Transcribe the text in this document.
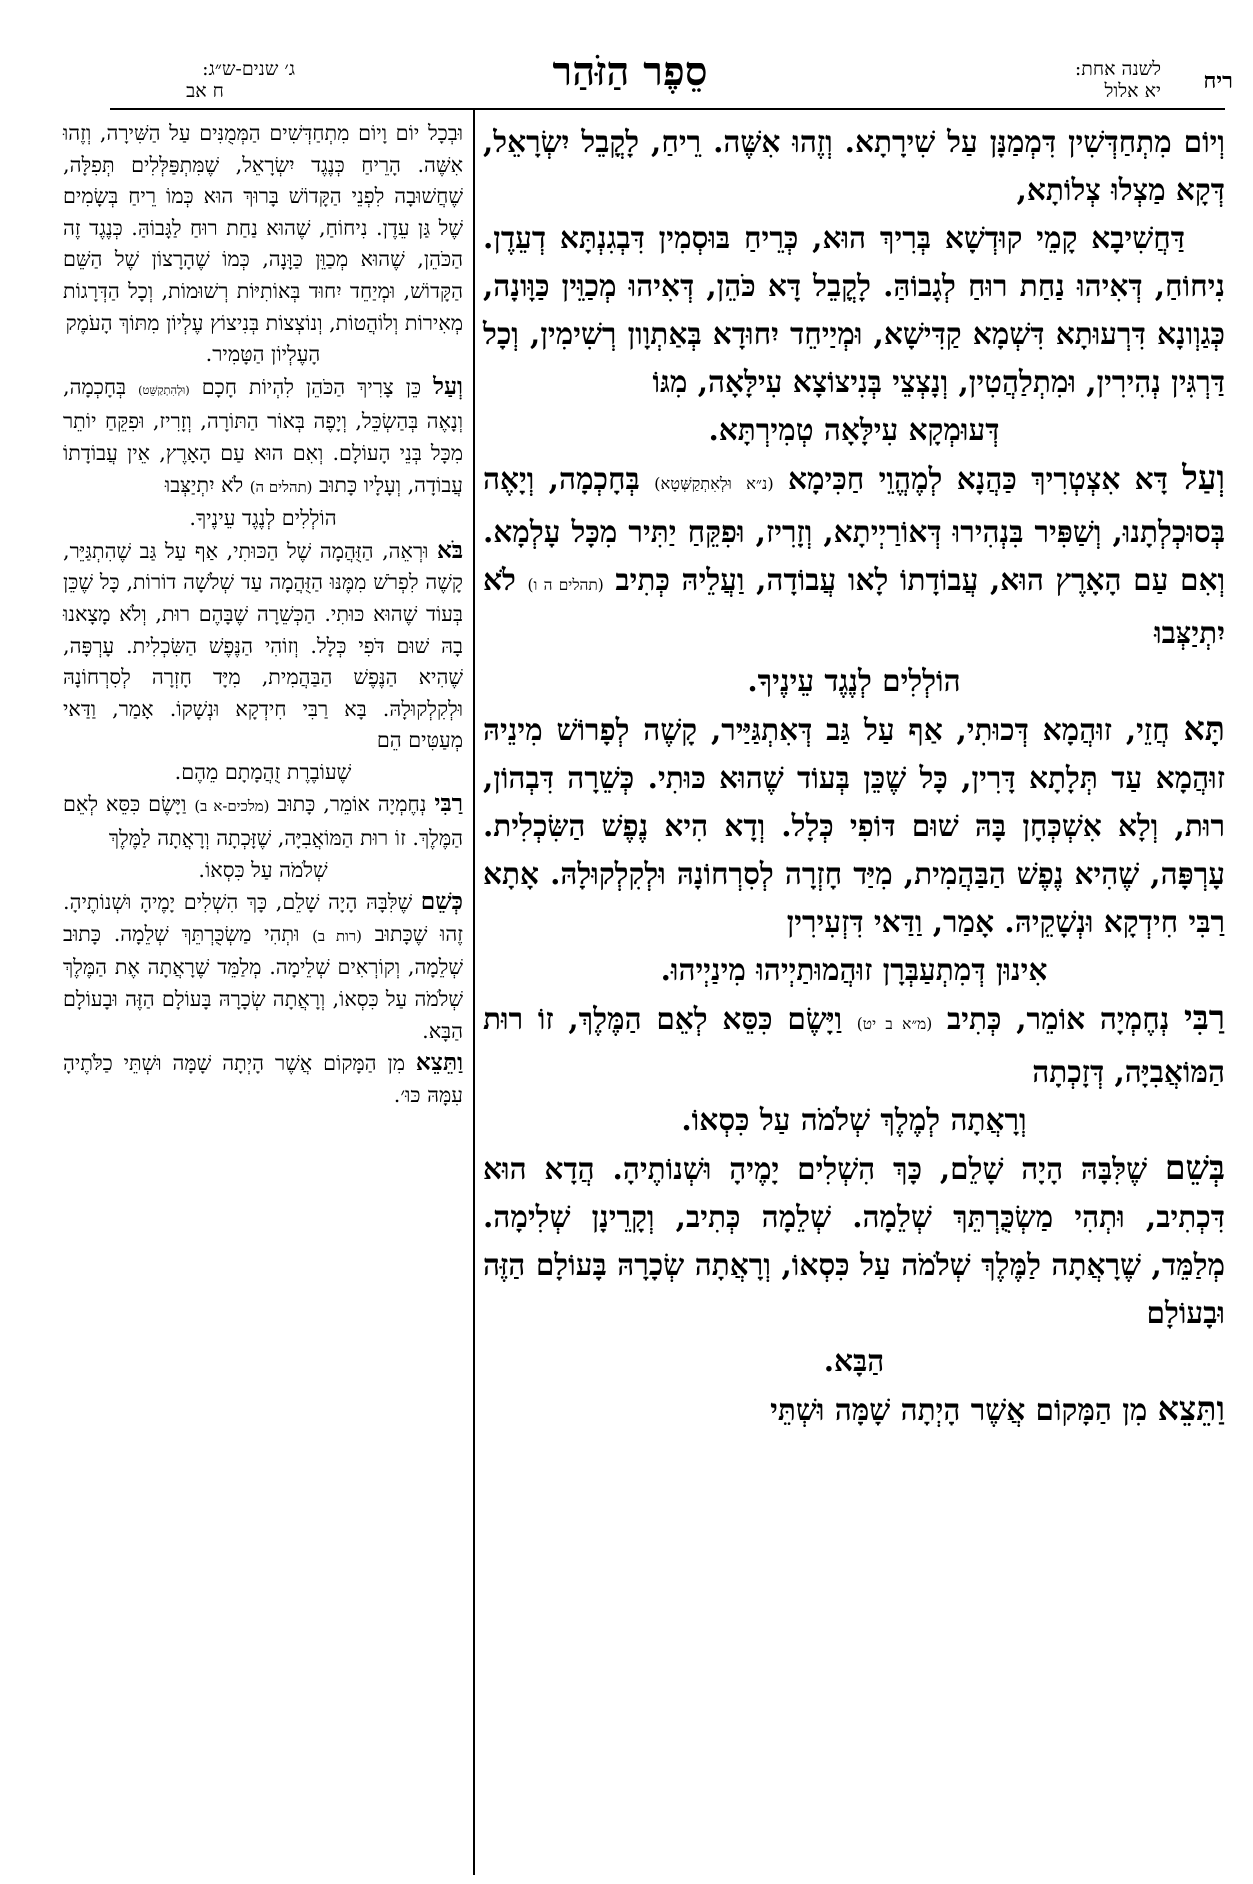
ריח
לשנה אחת:
יא אלול
סֵפֶר הַזֹּהַר
ג׳ שנים-ש״ג:
ח אב

וְיוֹם מִתְחַדְּשִׁין דִּמְמַנָּן עַל שִׁירָתָא. וְזֶהוּ אִשֶּׁה. רֵיחַ, לָקֳבֵל יִשְׂרָאֵל, דְּקָא מַצְלוּ צְלוֹתָא,

דַּחֲשִׁיבָא קָמֵי קוּדְשָׁא בְּרִיךְ הוּא, כְּרֵיחַ בּוּסְמִין דִּבְגִנְתָּא דְעֵדֶן. נִיחוֹחַ, דְּאִיהוּ נַחַת רוּחַ לְגָבוֹהַּ. לָקֳבֵל דָּא כֹּהֵן, דְּאִיהוּ מְכַוֵּין כַּוָּונָה, כְּגַוְונָא דִּרְעוּתָא דִּשְׁמָא קַדִּישָׁא, וּמְיַיחֵד יִחוּדָא בְּאַתְוָון רְשִׁימִין, וְכָל דַּרְגִּין נְהִירִין, וּמִתְלַהֲטִין, וְנָצְצֵי בְּנִיצוֹצָא עִילָּאָה, מִגּוֹ

דְּעוּמְקָא עִילָּאָה טְמִירְתָּא.

וְעַל דָּא אִצְטְרִיךְ כַּהֲנָא לְמֶהֱוֵי חַכִּימָא (נ״א וּלְאִתְקַשְּׁטָא) בְּחָכְמָה, וְיָאֶה בְּסוּכְלְתָנוּ, וְשַׁפִּיר בִּנְהִירוּ דְּאוֹרַיְיתָא, וְזָרִיז, וּפִקֵּחַ יַתִּיר מִכָּל עָלְמָא. וְאִם עַם הָאָרֶץ הוּא, עֲבוֹדָתוֹ לָאו עֲבוֹדָה, וַעֲלֵיהּ כְּתִיב (תהלים ה ו) לֹא יִתְיַצְּבוּ

הוֹלְלִים לְנֶגֶד עֵינֶיךָ.

תָּא חֲזֵי, זוּהֲמָא דְּכוּתִי, אַף עַל גַּב דְּאִתְגַּיַּיר, קָשֶׁה לְפָרוֹשׁ מִינֵיהּ זוּהֲמָא עַד תְּלָתָא דָּרִין, כָּל שֶׁכֵּן בְּעוֹד שֶׁהוּא כּוּתִי. כְּשֵׁרָה דִּבְהוֹן, רוּת, וְלָא אִשְׁכְּחָן בָּהּ שׁוּם דּוֹפִי כְּלָל. וְדָא הִיא נֶפֶשׁ הַשִּׂכְלִית. עָרְפָּה, שֶׁהִיא נֶפֶשׁ הַבַּהֲמִית, מִיַּד חָזְרָה לְסִרְחוֹנָהּ וּלְקִלְקוּלָהּ. אָתָא רַבִּי חִידְקָא וּנְשָׁקֵיהּ. אָמַר, וַדַּאי דִּזְעִירִין

אִינוּן דְּמִתְעַבְּרָן זוּהֲמוּתַיְיהוּ מִינַיְיהוּ.

רַבִּי נְחֶמְיָה אוֹמֵר, כְּתִיב (מ״א ב יט) וַיָּשֶׂם כִּסֵּא לְאֵם הַמֶּלֶךְ, זוֹ רוּת הַמּוֹאֲבִיָּה, דְּזָכְתָה

וְרָאֲתָה לְמֶלֶךְ שְׁלֹמֹה עַל כִּסְאוֹ.

בְּשֵׁם שֶׁלִּבָּהּ הָיָה שָׁלֵם, כָּךְ הִשְׁלִים יָמֶיהָ וּשְׁנוֹתֶיהָ. הֲדָא הוּא דִּכְתִיב, וּתְהִי מַשְׂכֻּרְתֵּךְ שְׁלֵמָה. שְׁלֵמָה כְּתִיב, וְקָרֵינָן שְׁלִימָה. מְלַמֵּד, שֶׁרָאֲתָה לַמֶּלֶךְ שְׁלֹמֹה עַל כִּסְאוֹ, וְרָאֲתָה שְׂכָרָהּ בָּעוֹלָם הַזֶּה וּבָעוֹלָם

הַבָּא.

וַתֵּצֵא מִן הַמָּקוֹם אֲשֶׁר הָיְתָה שָׁמָּה וּשְׁתֵּי

וּבְכָל יוֹם וָיוֹם מִתְחַדְּשִׁים הַמְּמֻנִּים עַל הַשִּׁירָה, וְזֶהוּ אִשֶּׁה. הָרֵיחַ כְּנֶגֶד יִשְׂרָאֵל, שֶׁמִּתְפַּלְּלִים תְּפִלָּה, שֶׁחֲשׁוּבָה לִפְנֵי הַקָּדוֹשׁ בָּרוּךְ הוּא כְּמוֹ רֵיחַ בְּשָׂמִים שֶׁל גַּן עֵדֶן. נִיחוֹחַ, שֶׁהוּא נַחַת רוּחַ לַגָּבוֹהַּ. כְּנֶגֶד זֶה הַכֹּהֵן, שֶׁהוּא מְכַוֵּן כַּוָּנָה, כְּמוֹ שֶׁהָרָצוֹן שֶׁל הַשֵּׁם הַקָּדוֹשׁ, וּמְיַחֵד יִחוּד בְּאוֹתִיּוֹת רְשׁוּמוֹת, וְכָל הַדְּרָגוֹת מְאִירוֹת וְלוֹהֲטוֹת, וְנוֹצְצוֹת בְּנִיצוֹץ עֶלְיוֹן מִתּוֹךְ הָעֹמֶק

הָעֶלְיוֹן הַטָּמִיר.

וְעַל כֵּן צָרִיךְ הַכֹּהֵן לִהְיוֹת חָכָם (וּלְהִתְקַשֵּׁט) בְּחָכְמָה, וְנָאֶה בְּהַשְׂכֵּל, וְיָפֶה בְּאוֹר הַתּוֹרָה, וְזָרִיז, וּפִקֵּחַ יוֹתֵר מִכָּל בְּנֵי הָעוֹלָם. וְאִם הוּא עַם הָאָרֶץ, אֵין עֲבוֹדָתוֹ עֲבוֹדָה, וְעָלָיו כָּתוּב (תהלים ה) לֹא יִתְיַצְּבוּ

הוֹלְלִים לְנֶגֶד עֵינֶיךָ.

בֹּא וּרְאֵה, הַזֻּהֲמָה שֶׁל הַכּוּתִי, אַף עַל גַּב שֶׁהִתְגַּיֵּר, קָשֶׁה לִפְרֹשׁ מִמֶּנּוּ הַזֻּהֲמָה עַד שְׁלֹשָׁה דוֹרוֹת, כָּל שֶׁכֵּן בְּעוֹד שֶׁהוּא כּוּתִי. הַכְּשֵׁרָה שֶׁבָּהֶם רוּת, וְלֹא מָצָאנוּ בָהּ שׁוּם דֹּפִי כְּלָל. וְזוֹהִי הַנֶּפֶשׁ הַשִּׂכְלִית. עָרְפָּה, שֶׁהִיא הַנֶּפֶשׁ הַבַּהֲמִית, מִיָּד חָזְרָה לְסִרְחוֹנָהּ וּלְקִלְקוּלָהּ. בָּא רַבִּי חִידְקָא וּנְשָׁקוֹ. אָמַר, וַדַּאי מְעַטִּים הֵם

שֶׁעוֹבֶרֶת זֻהֲמָתָם מֵהֶם.

רַבִּי נְחֶמְיָה אוֹמֵר, כָּתוּב (מלכים-א ב) וַיָּשֶׂם כִּסֵּא לְאֵם הַמֶּלֶךְ. זוֹ רוּת הַמּוֹאֲבִיָּה, שֶׁזָּכְתָה וְרָאֲתָה לַמֶּלֶךְ

שְׁלֹמֹה עַל כִּסְאוֹ.

כְּשֵׁם שֶׁלִּבָּהּ הָיָה שָׁלֵם, כָּךְ הִשְׁלִים יָמֶיהָ וּשְׁנוֹתֶיהָ. זֶהוּ שֶׁכָּתוּב (רות ב) וּתְהִי מַשְׂכֻּרְתֵּךְ שְׁלֵמָה. כָּתוּב שְׁלֵמָה, וְקוֹרְאִים שְׁלֵימָה. מְלַמֵּד שֶׁרָאֲתָה אֶת הַמֶּלֶךְ שְׁלֹמֹה עַל כִּסְאוֹ, וְרָאֲתָה שְׂכָרָהּ בָּעוֹלָם הַזֶּה וּבָעוֹלָם הַבָּא.

וַתֵּצֵא מִן הַמָּקוֹם אֲשֶׁר הָיְתָה שָׁמָּה וּשְׁתֵּי כַלֹּתֶיהָ עִמָּהּ כּוּ׳.
